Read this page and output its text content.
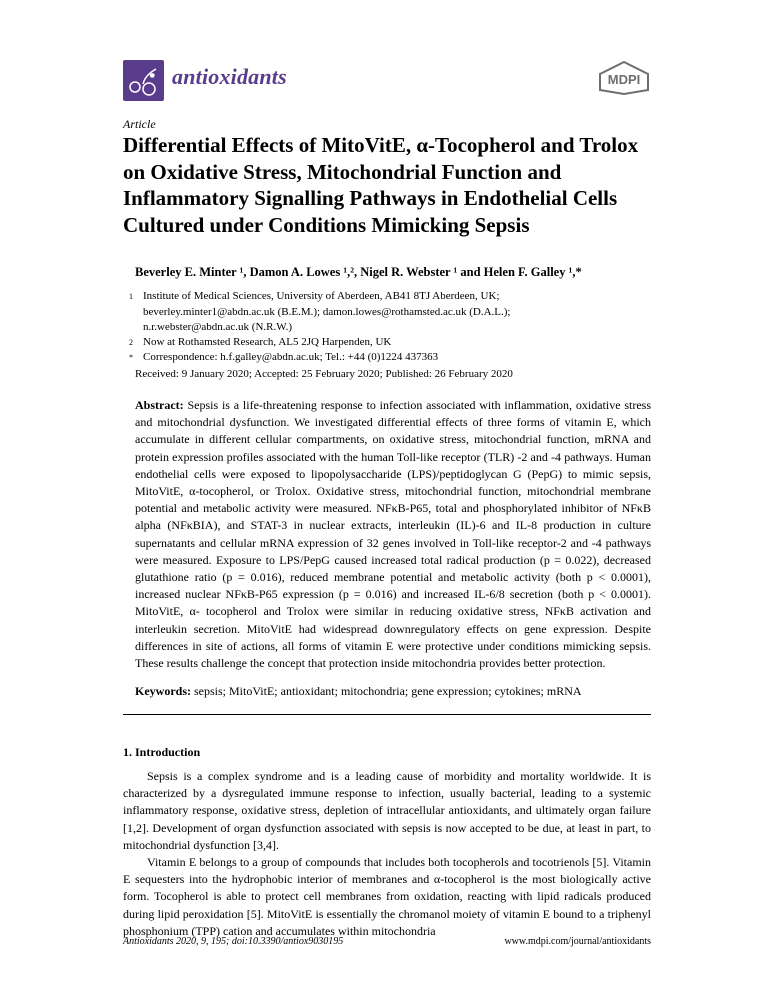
antioxidants	MDPI
Article
Differential Effects of MitoVitE, α-Tocopherol and Trolox on Oxidative Stress, Mitochondrial Function and Inflammatory Signalling Pathways in Endothelial Cells Cultured under Conditions Mimicking Sepsis
Beverley E. Minter ¹, Damon A. Lowes ¹,², Nigel R. Webster ¹ and Helen F. Galley ¹,*
1 Institute of Medical Sciences, University of Aberdeen, AB41 8TJ Aberdeen, UK;
beverley.minter1@abdn.ac.uk (B.E.M.); damon.lowes@rothamsted.ac.uk (D.A.L.);
n.r.webster@abdn.ac.uk (N.R.W.)
2 Now at Rothamsted Research, AL5 2JQ Harpenden, UK
* Correspondence: h.f.galley@abdn.ac.uk; Tel.: +44 (0)1224 437363
Received: 9 January 2020; Accepted: 25 February 2020; Published: 26 February 2020
Abstract: Sepsis is a life-threatening response to infection associated with inflammation, oxidative stress and mitochondrial dysfunction. We investigated differential effects of three forms of vitamin E, which accumulate in different cellular compartments, on oxidative stress, mitochondrial function, mRNA and protein expression profiles associated with the human Toll-like receptor (TLR) -2 and -4 pathways. Human endothelial cells were exposed to lipopolysaccharide (LPS)/peptidoglycan G (PepG) to mimic sepsis, MitoVitE, α-tocopherol, or Trolox. Oxidative stress, mitochondrial function, mitochondrial membrane potential and metabolic activity were measured. NFκB-P65, total and phosphorylated inhibitor of NFκB alpha (NFκBIA), and STAT-3 in nuclear extracts, interleukin (IL)-6 and IL-8 production in culture supernatants and cellular mRNA expression of 32 genes involved in Toll-like receptor-2 and -4 pathways were measured. Exposure to LPS/PepG caused increased total radical production (p = 0.022), decreased glutathione ratio (p = 0.016), reduced membrane potential and metabolic activity (both p < 0.0001), increased nuclear NFκB-P65 expression (p = 0.016) and increased IL-6/8 secretion (both p < 0.0001). MitoVitE, α- tocopherol and Trolox were similar in reducing oxidative stress, NFκB activation and interleukin secretion. MitoVitE had widespread downregulatory effects on gene expression. Despite differences in site of actions, all forms of vitamin E were protective under conditions mimicking sepsis. These results challenge the concept that protection inside mitochondria provides better protection.
Keywords: sepsis; MitoVitE; antioxidant; mitochondria; gene expression; cytokines; mRNA
1. Introduction
Sepsis is a complex syndrome and is a leading cause of morbidity and mortality worldwide. It is characterized by a dysregulated immune response to infection, usually bacterial, leading to a systemic inflammatory response, oxidative stress, depletion of intracellular antioxidants, and ultimately organ failure [1,2]. Development of organ dysfunction associated with sepsis is now accepted to be due, at least in part, to mitochondrial dysfunction [3,4].
Vitamin E belongs to a group of compounds that includes both tocopherols and tocotrienols [5]. Vitamin E sequesters into the hydrophobic interior of membranes and α-tocopherol is the most biologically active form. Tocopherol is able to protect cell membranes from oxidation, reacting with lipid radicals produced during lipid peroxidation [5]. MitoVitE is essentially the chromanol moiety of vitamin E bound to a triphenyl phosphonium (TPP) cation and accumulates within mitochondria
Antioxidants 2020, 9, 195; doi:10.3390/antiox9030195	www.mdpi.com/journal/antioxidants
